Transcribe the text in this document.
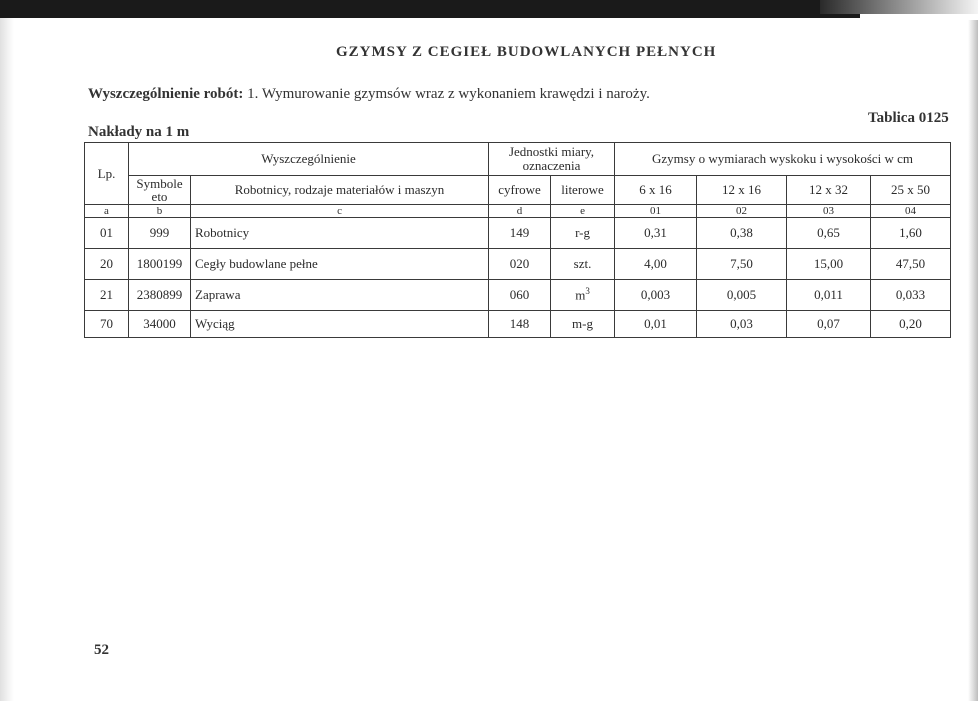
GZYMSY Z CEGIEŁ BUDOWLANYCH PEŁNYCH
Wyszczególnienie robót: 1. Wymurowanie gzymsów wraz z wykonaniem krawędzi i naroży.
Nakłady na 1 m
Tablica 0125
Lp.	Wyszczególnienie		Jednostki miary, oznaczenia		Gzymsy o wymiarach wyskoku i wysokości w cm			
	Symbole eto	Robotnicy, rodzaje materiałów i maszyn	cyfrowe	literowe	6 x 16	12 x 16	12 x 32	25 x 50
a	b	c	d	e	01	02	03	04
01	999	Robotnicy	149	r-g	0,31	0,38	0,65	1,60
20	1800199	Cegły budowlane pełne	020	szt.	4,00	7,50	15,00	47,50
21	2380899	Zaprawa	060	$m^3$	0,003	0,005	0,011	0,033
70	34000	Wyciąg	148	m-g	0,01	0,03	0,07	0,20
52
